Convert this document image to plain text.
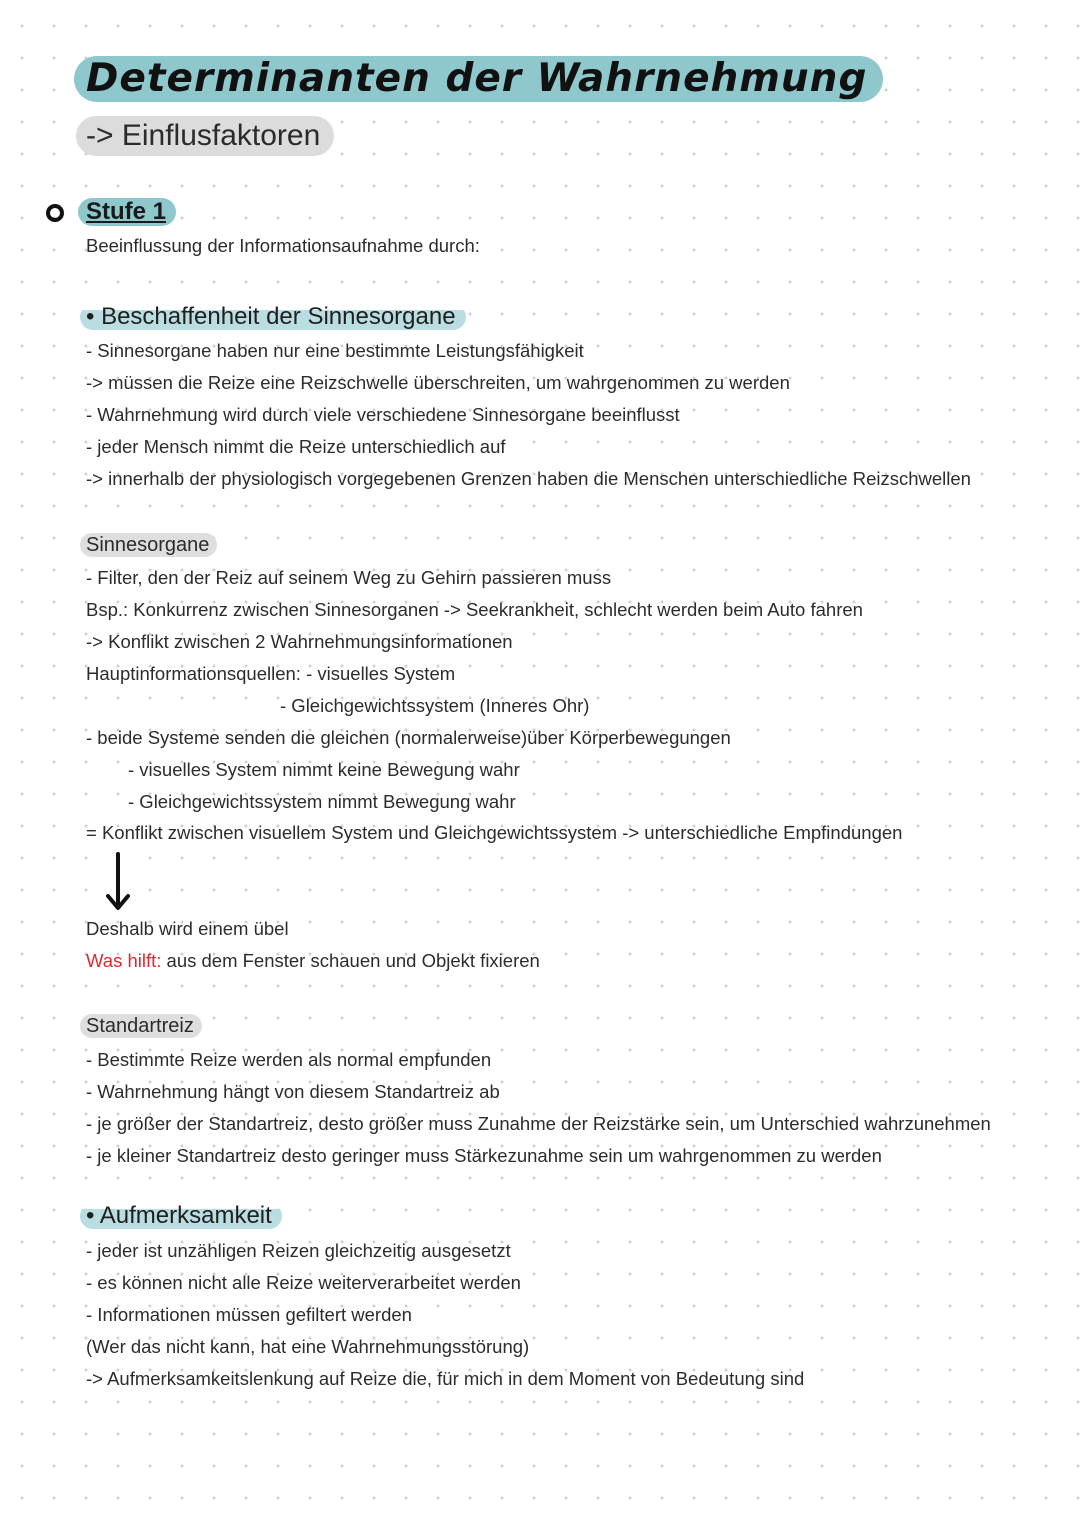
Determinanten der Wahrnehmung
-> Einflusfaktoren
Stufe 1
Beeinflussung der Informationsaufnahme durch:
• Beschaffenheit der Sinnesorgane
- Sinnesorgane haben nur eine bestimmte Leistungsfähigkeit
-> müssen die Reize eine Reizschwelle überschreiten, um wahrgenommen zu werden
- Wahrnehmung wird durch viele verschiedene Sinnesorgane beeinflusst
- jeder Mensch nimmt die Reize unterschiedlich auf
-> innerhalb der physiologisch vorgegebenen Grenzen haben die Menschen unterschiedliche Reizschwellen
Sinnesorgane
- Filter, den der Reiz auf seinem Weg zu Gehirn passieren muss
Bsp.: Konkurrenz zwischen Sinnesorganen -> Seekrankheit, schlecht werden beim Auto fahren
-> Konflikt zwischen 2 Wahrnehmungsinformationen
Hauptinformationsquellen: - visuelles System
- Gleichgewichtssystem (Inneres Ohr)
- beide Systeme senden die gleichen (normalerweise)über Körperbewegungen
- visuelles System nimmt keine Bewegung wahr
- Gleichgewichtssystem nimmt Bewegung wahr
= Konflikt zwischen visuellem System und Gleichgewichtssystem -> unterschiedliche Empfindungen
Deshalb wird einem übel
Was hilft: aus dem Fenster schauen und Objekt fixieren
Standartreiz
- Bestimmte Reize werden als normal empfunden
- Wahrnehmung hängt von diesem Standartreiz ab
- je größer der Standartreiz, desto größer muss Zunahme der Reizstärke sein, um Unterschied wahrzunehmen
- je kleiner Standartreiz desto geringer muss Stärkezunahme sein um wahrgenommen zu werden
• Aufmerksamkeit
- jeder ist unzähligen Reizen gleichzeitig ausgesetzt
- es können nicht alle Reize weiterverarbeitet werden
- Informationen müssen gefiltert werden
(Wer das nicht kann, hat eine Wahrnehmungsstörung)
-> Aufmerksamkeitslenkung auf Reize die, für mich in dem Moment von Bedeutung sind
